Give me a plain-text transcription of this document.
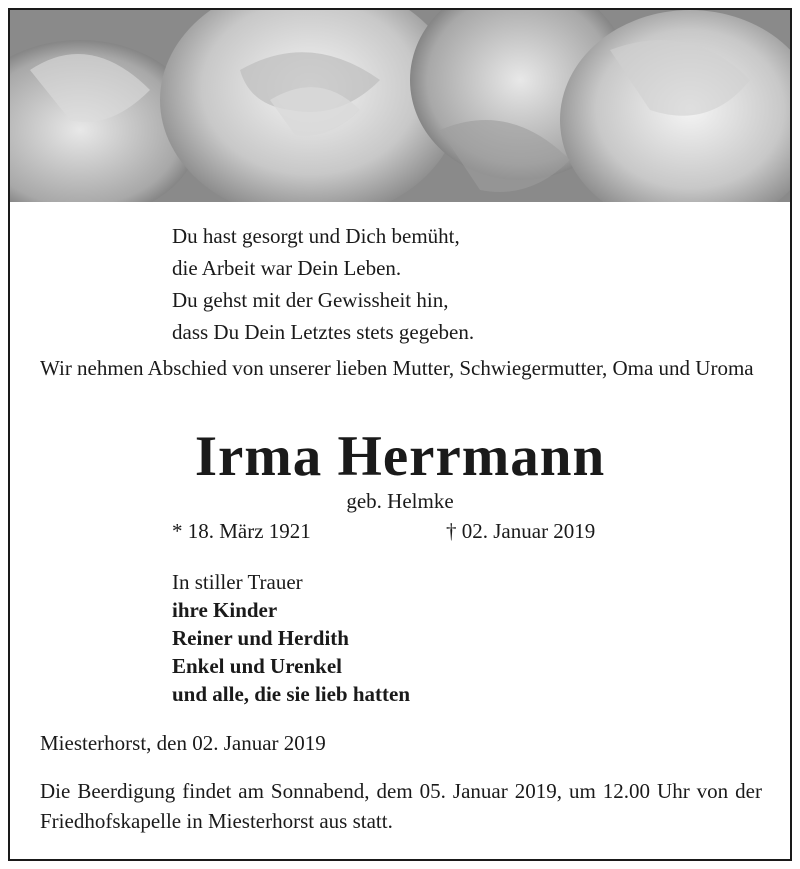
Du hast gesorgt und Dich bemüht,
die Arbeit war Dein Leben.
Du gehst mit der Gewissheit hin,
dass Du Dein Letztes stets gegeben.
Wir nehmen Abschied von unserer lieben Mutter, Schwiegermutter, Oma und Uroma
Irma Herrmann
geb. Helmke
* 18. März 1921	† 02. Januar 2019
In stiller Trauer
ihre Kinder
Reiner und Herdith
Enkel und Urenkel
und alle, die sie lieb hatten
Miesterhorst, den 02. Januar 2019
Die Beerdigung findet am Sonnabend, dem 05. Januar 2019, um 12.00 Uhr von der Friedhofskapelle in Miesterhorst aus statt.
